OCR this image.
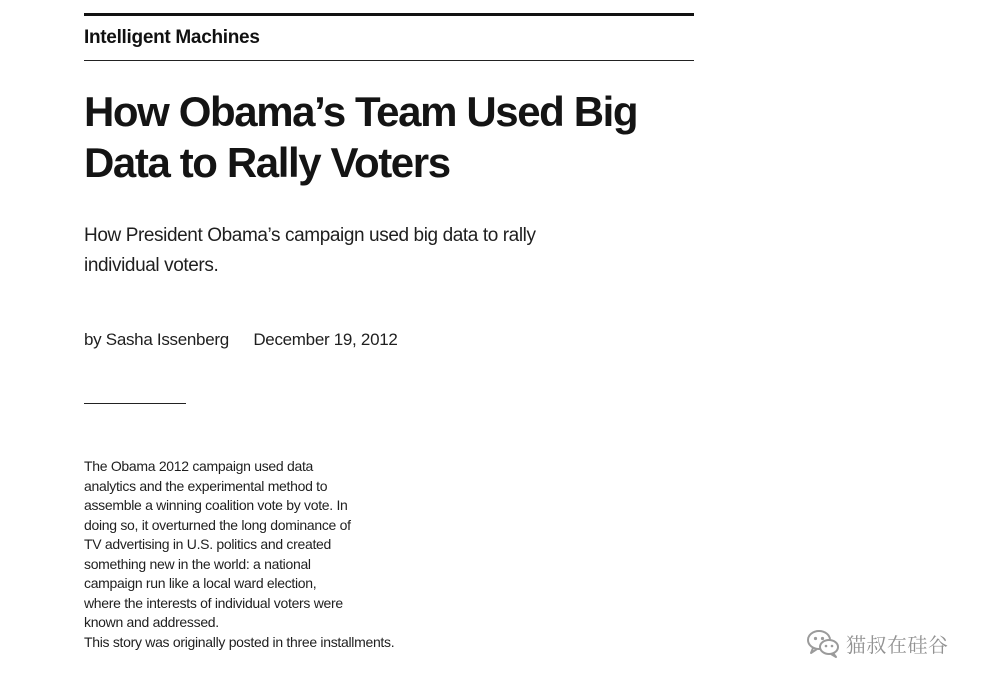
Intelligent Machines
How Obama’s Team Used Big Data to Rally Voters

How President Obama’s campaign used big data to rally individual voters.

by Sasha Issenberg December 19, 2012

The Obama 2012 campaign used data
analytics and the experimental method to
assemble a winning coalition vote by vote. In
doing so, it overturned the long dominance of
TV advertising in U.S. politics and created
something new in the world: a national
campaign run like a local ward election,
where the interests of individual voters were
known and addressed.
This story was originally posted in three installments.	猫叔在硅谷
